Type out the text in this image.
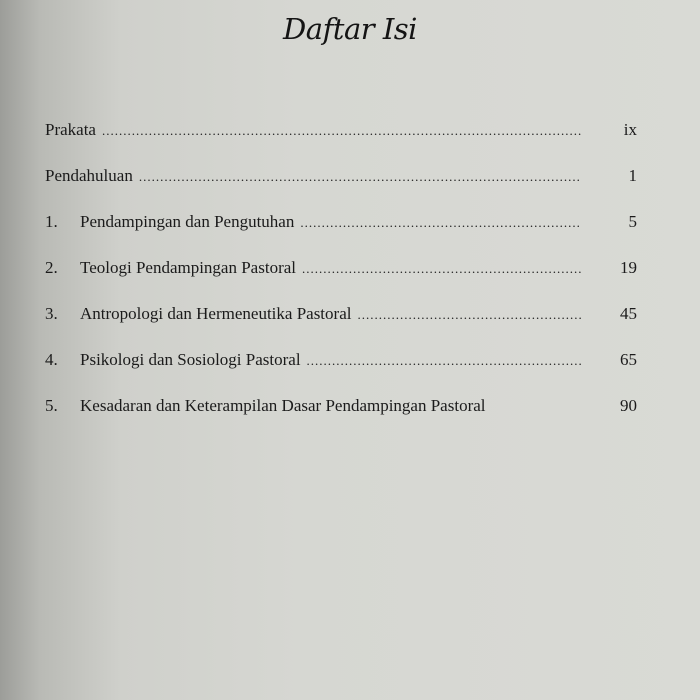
Daftar Isi
Prakata .....	ix
Pendahuluan .....	1
1.	Pendampingan dan Pengutuhan .....	5
2.	Teologi Pendampingan Pastoral .....	19
3.	Antropologi dan Hermeneutika Pastoral .....	45
4.	Psikologi dan Sosiologi Pastoral .....	65
5.	Kesadaran dan Keterampilan Dasar Pendampingan Pastoral	90
